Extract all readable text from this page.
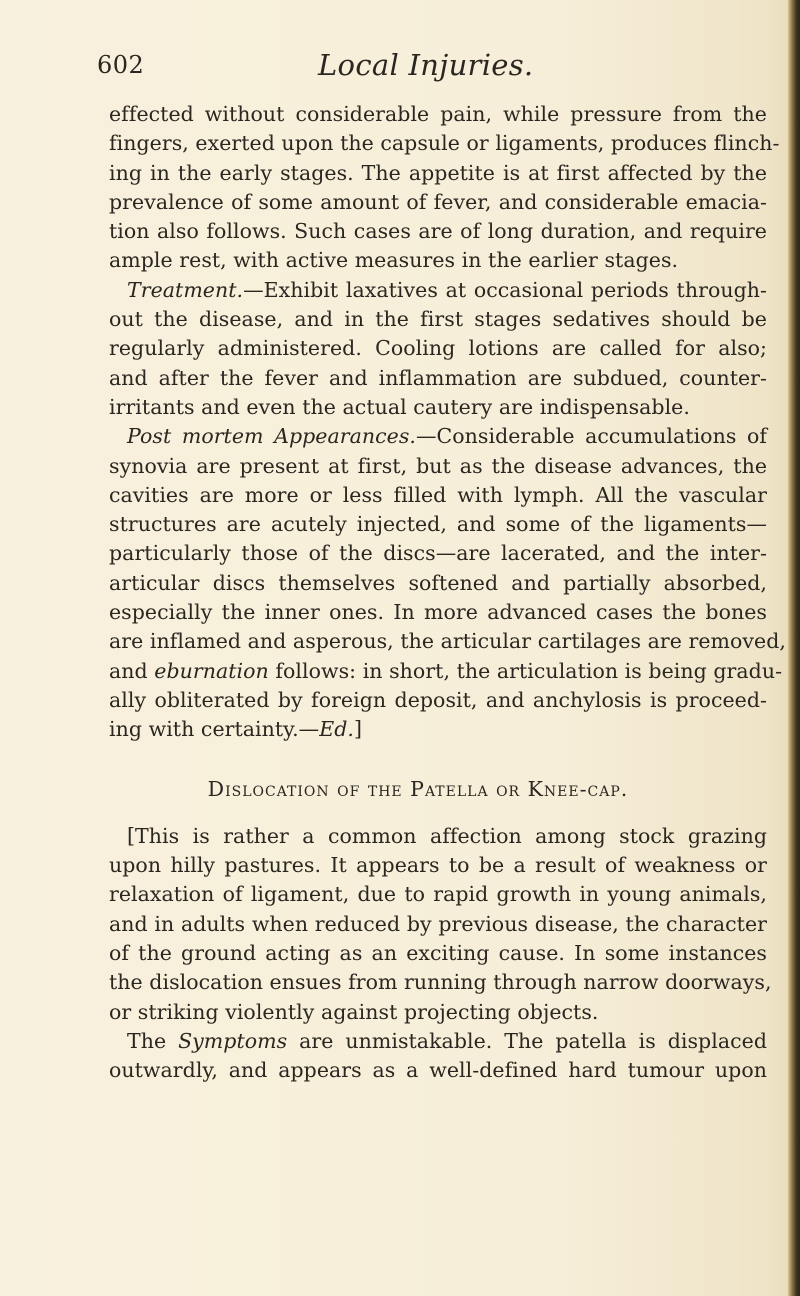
602	Local Injuries.
effected without considerable pain, while pressure from the
fingers, exerted upon the capsule or ligaments, produces flinch-
ing in the early stages. The appetite is at first affected by the
prevalence of some amount of fever, and considerable emacia-
tion also follows. Such cases are of long duration, and require
ample rest, with active measures in the earlier stages.
Treatment.—Exhibit laxatives at occasional periods through-
out the disease, and in the first stages sedatives should be
regularly administered. Cooling lotions are called for also;
and after the fever and inflammation are subdued, counter-
irritants and even the actual cautery are indispensable.
Post mortem Appearances.—Considerable accumulations of
synovia are present at first, but as the disease advances, the
cavities are more or less filled with lymph. All the vascular
structures are acutely injected, and some of the ligaments—
particularly those of the discs—are lacerated, and the inter-
articular discs themselves softened and partially absorbed,
especially the inner ones. In more advanced cases the bones
are inflamed and asperous, the articular cartilages are removed,
and eburnation follows: in short, the articulation is being gradu-
ally obliterated by foreign deposit, and anchylosis is proceed-
ing with certainty.—Ed.]
Dislocation of the Patella or Knee-cap.
[This is rather a common affection among stock grazing
upon hilly pastures. It appears to be a result of weakness or
relaxation of ligament, due to rapid growth in young animals,
and in adults when reduced by previous disease, the character
of the ground acting as an exciting cause. In some instances
the dislocation ensues from running through narrow doorways,
or striking violently against projecting objects.
The Symptoms are unmistakable. The patella is displaced
outwardly, and appears as a well-defined hard tumour upon
